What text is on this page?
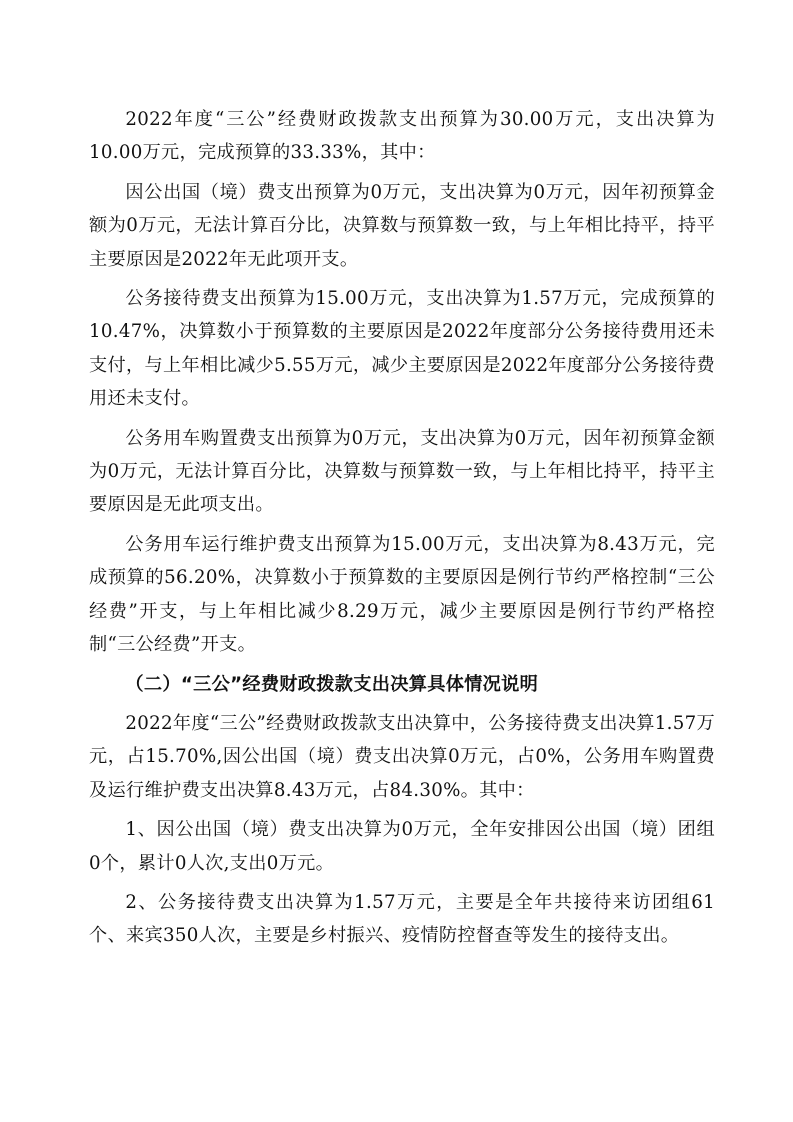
2022年度“三公”经费财政拨款支出预算为30.00万元，支出决算为10.00万元，完成预算的33.33%，其中：

因公出国（境）费支出预算为0万元，支出决算为0万元，因年初预算金额为0万元，无法计算百分比，决算数与预算数一致，与上年相比持平，持平主要原因是2022年无此项开支。

公务接待费支出预算为15.00万元，支出决算为1.57万元，完成预算的10.47%，决算数小于预算数的主要原因是2022年度部分公务接待费用还未支付，与上年相比减少5.55万元，减少主要原因是2022年度部分公务接待费用还未支付。

公务用车购置费支出预算为0万元，支出决算为0万元，因年初预算金额为0万元，无法计算百分比，决算数与预算数一致，与上年相比持平，持平主要原因是无此项支出。

公务用车运行维护费支出预算为15.00万元，支出决算为8.43万元，完成预算的56.20%，决算数小于预算数的主要原因是例行节约严格控制“三公经费”开支，与上年相比减少8.29万元，减少主要原因是例行节约严格控制“三公经费”开支。

（二）“三公”经费财政拨款支出决算具体情况说明

2022年度“三公”经费财政拨款支出决算中，公务接待费支出决算1.57万元，占15.70%,因公出国（境）费支出决算0万元，占0%，公务用车购置费及运行维护费支出决算8.43万元，占84.30%。其中：

1、因公出国（境）费支出决算为0万元，全年安排因公出国（境）团组0个，累计0人次,支出0万元。

2、公务接待费支出决算为1.57万元，主要是全年共接待来访团组61个、来宾350人次，主要是乡村振兴、疫情防控督查等发生的接待支出。
